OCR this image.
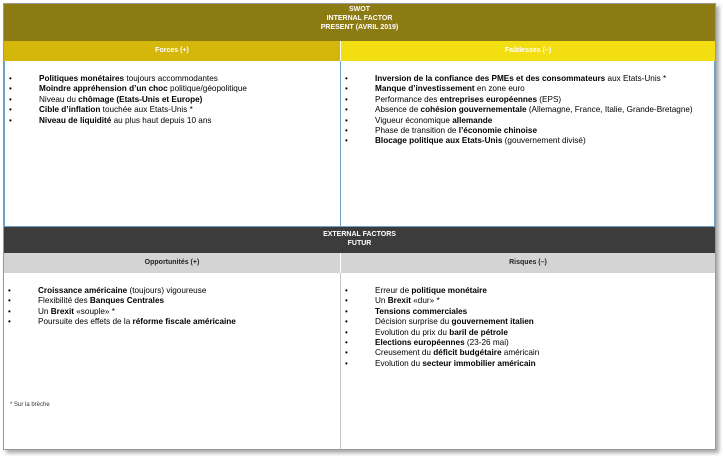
SWOT
INTERNAL FACTOR
PRESENT (AVRIL 2019)
Forces (+)	Faiblesses (–)
•	Politiques monétaires toujours accommodantes
•	Moindre appréhension d’un choc politique/géopolitique
•	Niveau du chômage (Etats-Unis et Europe)
•	Cible d’inflation touchée aux Etats-Unis *
•	Niveau de liquidité au plus haut depuis 10 ans
•	Inversion de la confiance des PMEs et des consommateurs aux Etats-Unis *
•	Manque d’investissement en zone euro
•	Performance des entreprises européennes (EPS)
•	Absence de cohésion gouvernementale (Allemagne, France, Italie, Grande-Bretagne)
•	Vigueur économique allemande
•	Phase de transition de l’économie chinoise
•	Blocage politique aux Etats-Unis (gouvernement divisé)
EXTERNAL FACTORS
FUTUR
Opportunités (+)	Risques (–)
•	Croissance américaine (toujours) vigoureuse
•	Flexibilité des Banques Centrales
•	Un Brexit «souple» *
•	Poursuite des effets de la réforme fiscale américaine
•	Erreur de politique monétaire
•	Un Brexit «dur» *
•	Tensions commerciales
•	Décision surprise du gouvernement italien
•	Evolution du prix du baril de pétrole
•	Elections européennes (23-26 mai)
•	Creusement du déficit budgétaire américain
•	Evolution du secteur immobilier américain
* Sur la brèche
